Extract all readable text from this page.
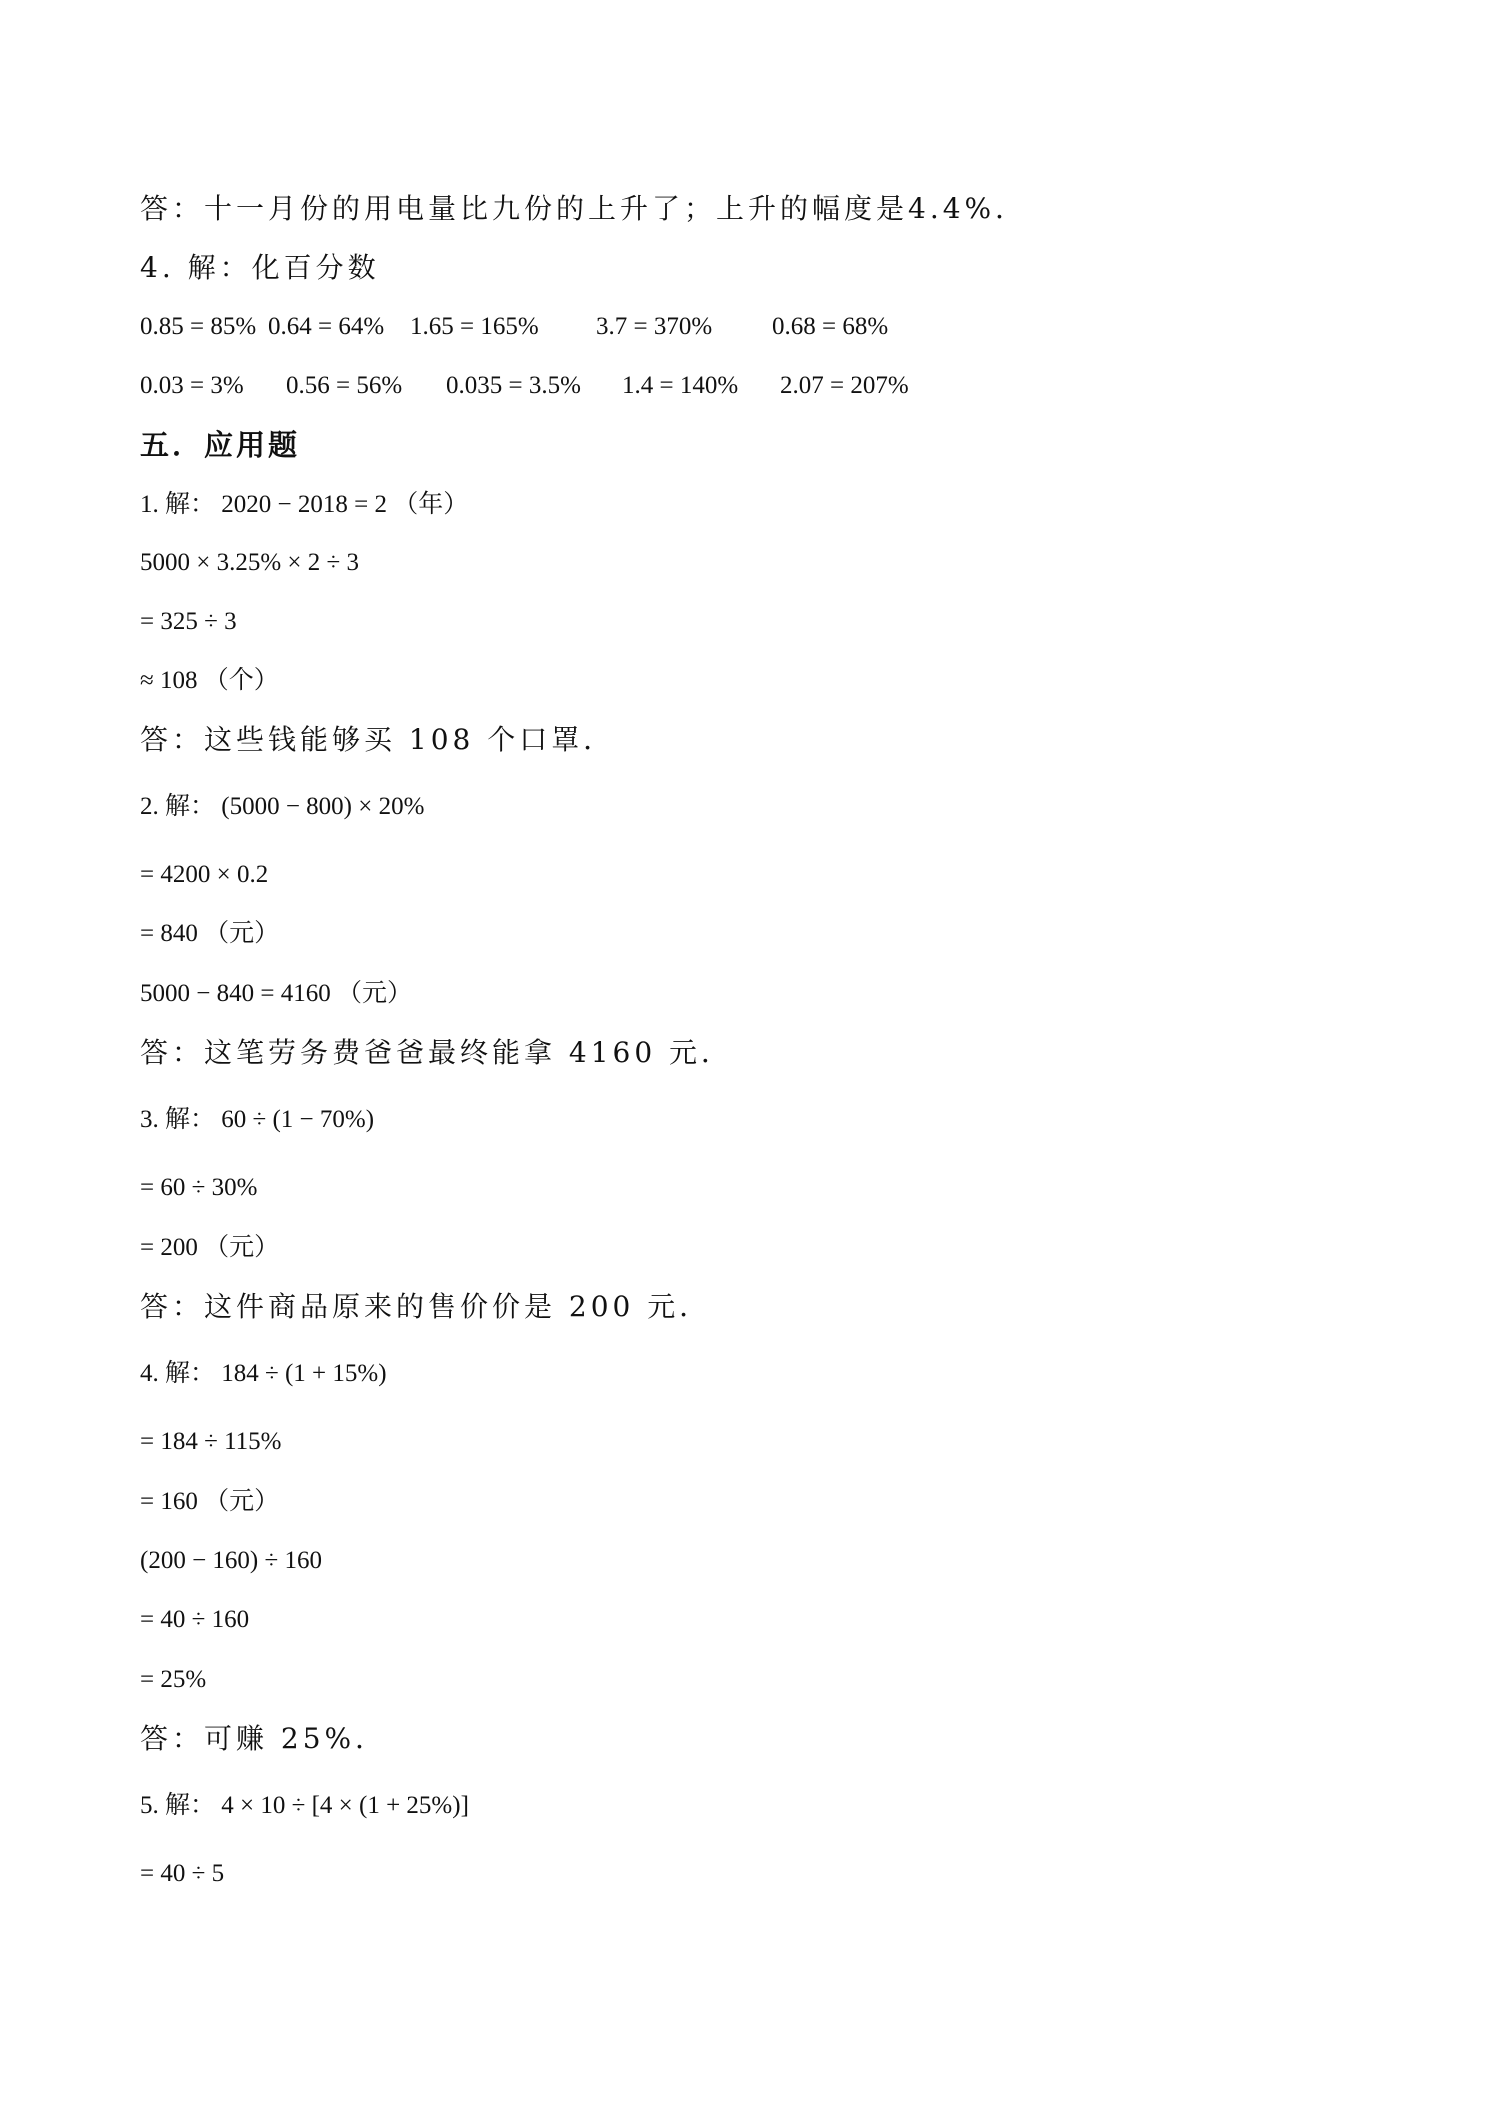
答：十一月份的用电量比九份的上升了；上升的幅度是4.4%．
4. 解：化百分数
0.85 = 85% 0.64 = 64% 1.65 = 165% 3.7 = 370% 0.68 = 68%
0.03 = 3% 0.56 = 56% 0.035 = 3.5% 1.4 = 140% 2.07 = 207%
五．应用题
1. 解： 2020 − 2018 = 2 （年）
5000 × 3.25% × 2 ÷ 3
= 325 ÷ 3
≈ 108 （个）
答：这些钱能够买 108 个口罩．
2. 解： (5000 − 800) × 20%
= 4200 × 0.2
= 840 （元）
5000 − 840 = 4160 （元）
答：这笔劳务费爸爸最终能拿 4160 元．
3. 解： 60 ÷ (1 − 70%)
= 60 ÷ 30%
= 200 （元）
答：这件商品原来的售价价是 200 元．
4. 解： 184 ÷ (1 + 15%)
= 184 ÷ 115%
= 160 （元）
(200 − 160) ÷ 160
= 40 ÷ 160
= 25%
答：可赚 25%．
5. 解： 4 × 10 ÷ [4 × (1 + 25%)]
= 40 ÷ 5
